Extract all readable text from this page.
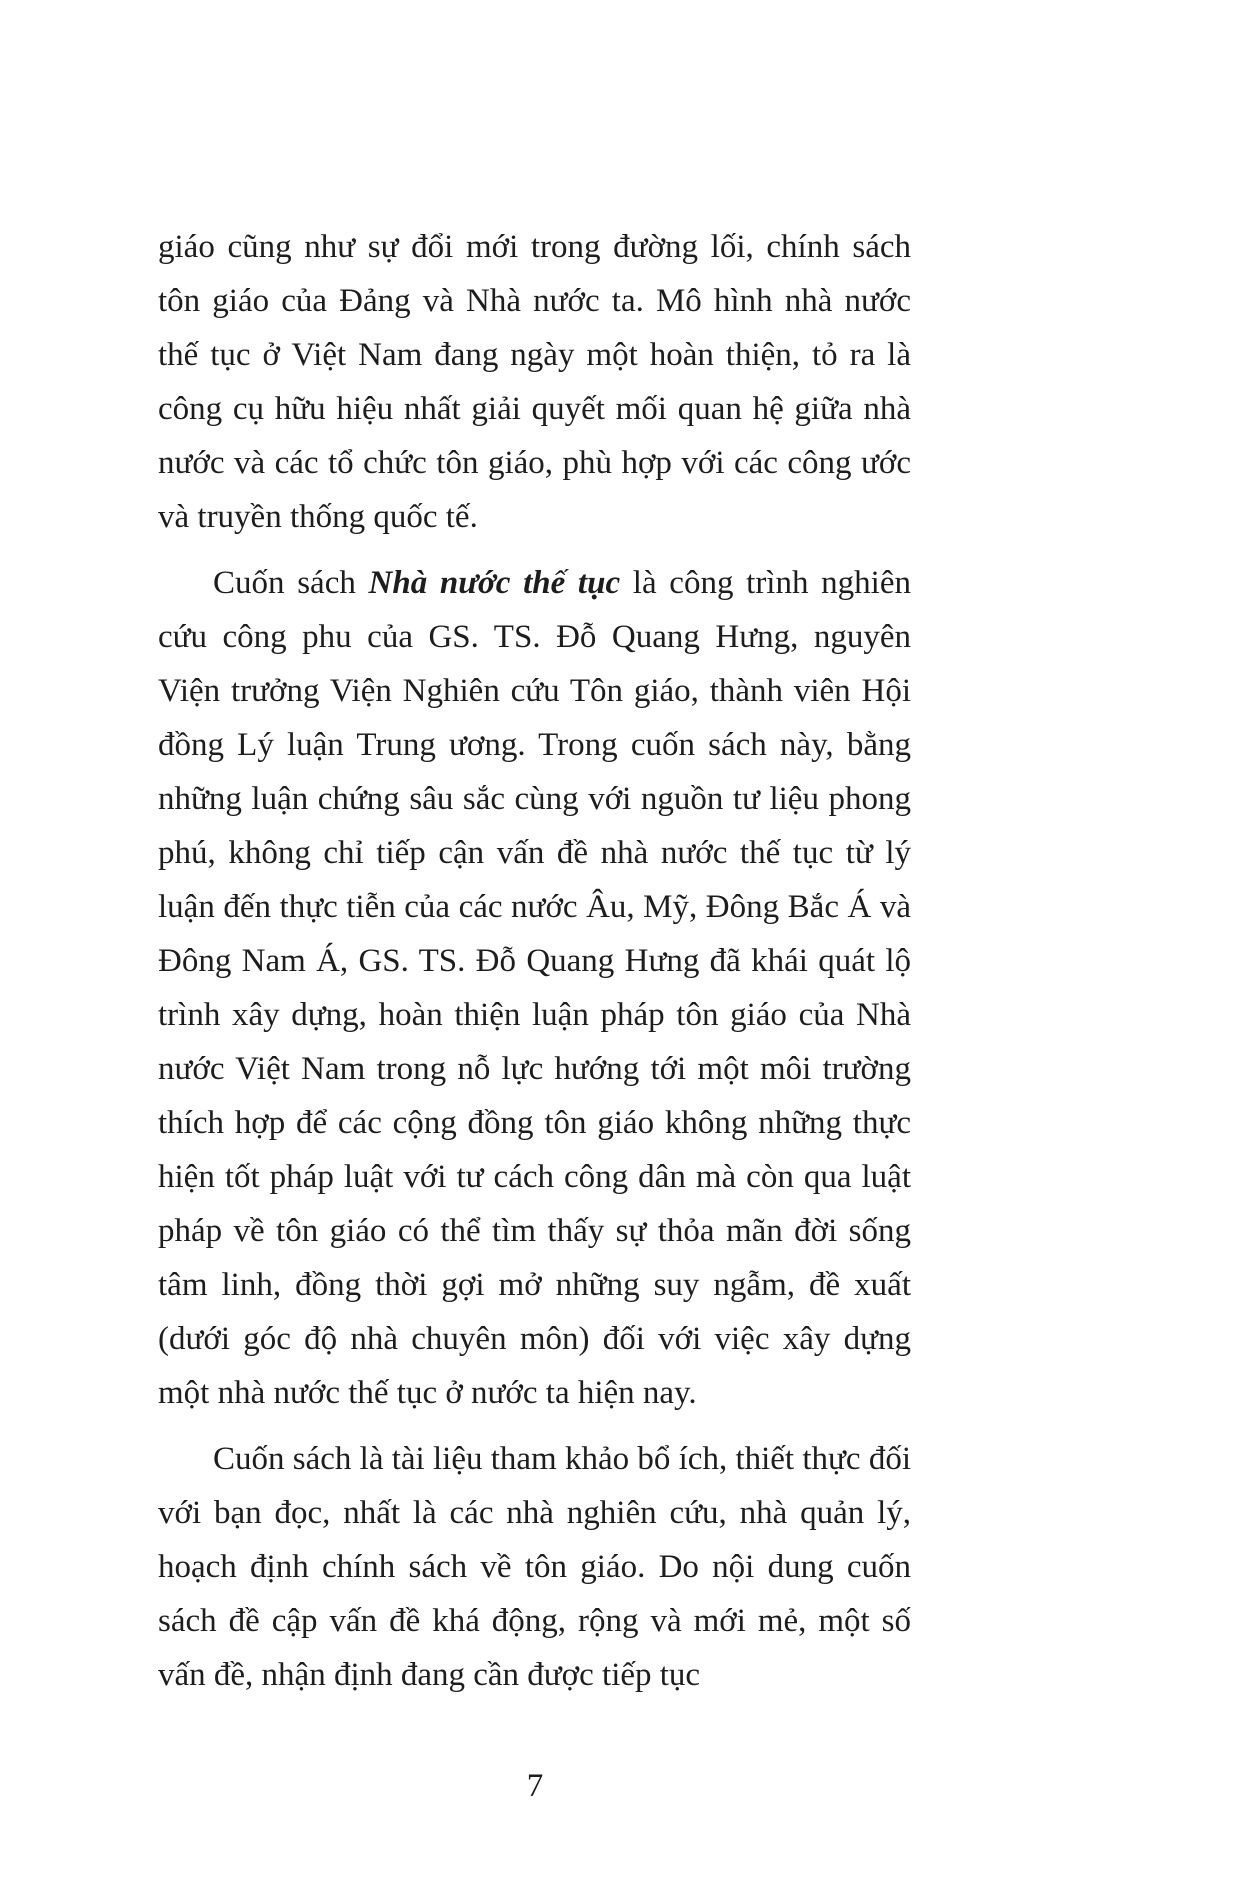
giáo cũng như sự đổi mới trong đường lối, chính sách tôn giáo của Đảng và Nhà nước ta. Mô hình nhà nước thế tục ở Việt Nam đang ngày một hoàn thiện, tỏ ra là công cụ hữu hiệu nhất giải quyết mối quan hệ giữa nhà nước và các tổ chức tôn giáo, phù hợp với các công ước và truyền thống quốc tế.

Cuốn sách Nhà nước thế tục là công trình nghiên cứu công phu của GS. TS. Đỗ Quang Hưng, nguyên Viện trưởng Viện Nghiên cứu Tôn giáo, thành viên Hội đồng Lý luận Trung ương. Trong cuốn sách này, bằng những luận chứng sâu sắc cùng với nguồn tư liệu phong phú, không chỉ tiếp cận vấn đề nhà nước thế tục từ lý luận đến thực tiễn của các nước Âu, Mỹ, Đông Bắc Á và Đông Nam Á, GS. TS. Đỗ Quang Hưng đã khái quát lộ trình xây dựng, hoàn thiện luận pháp tôn giáo của Nhà nước Việt Nam trong nỗ lực hướng tới một môi trường thích hợp để các cộng đồng tôn giáo không những thực hiện tốt pháp luật với tư cách công dân mà còn qua luật pháp về tôn giáo có thể tìm thấy sự thỏa mãn đời sống tâm linh, đồng thời gợi mở những suy ngẫm, đề xuất (dưới góc độ nhà chuyên môn) đối với việc xây dựng một nhà nước thế tục ở nước ta hiện nay.

Cuốn sách là tài liệu tham khảo bổ ích, thiết thực đối với bạn đọc, nhất là các nhà nghiên cứu, nhà quản lý, hoạch định chính sách về tôn giáo. Do nội dung cuốn sách đề cập vấn đề khá động, rộng và mới mẻ, một số vấn đề, nhận định đang cần được tiếp tục

7
